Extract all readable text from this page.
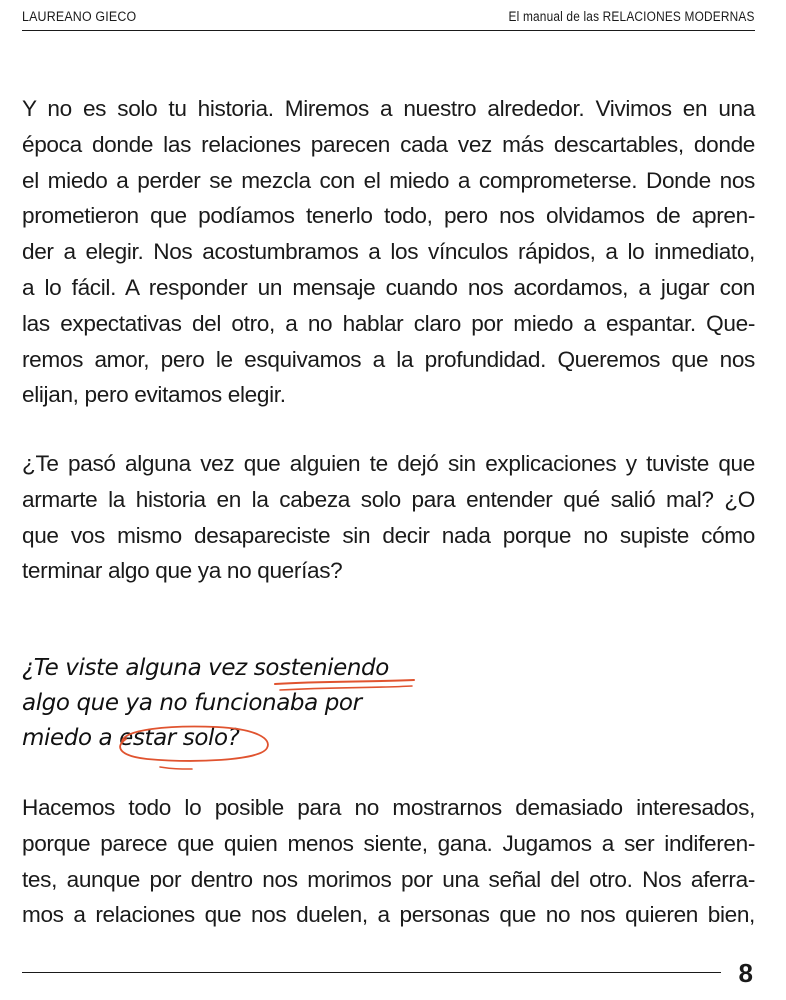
LAUREANO GIECO	El manual de las RELACIONES MODERNAS
Y no es solo tu historia. Miremos a nuestro alrededor. Vivimos en una
época donde las relaciones parecen cada vez más descartables, donde
el miedo a perder se mezcla con el miedo a comprometerse. Donde nos
prometieron que podíamos tenerlo todo, pero nos olvidamos de apren-
der a elegir. Nos acostumbramos a los vínculos rápidos, a lo inmediato,
a lo fácil. A responder un mensaje cuando nos acordamos, a jugar con
las expectativas del otro, a no hablar claro por miedo a espantar. Que-
remos amor, pero le esquivamos a la profundidad. Queremos que nos
elijan, pero evitamos elegir.
¿Te pasó alguna vez que alguien te dejó sin explicaciones y tuviste que
armarte la historia en la cabeza solo para entender qué salió mal? ¿O
que vos mismo desapareciste sin decir nada porque no supiste cómo
terminar algo que ya no querías?
¿Te viste alguna vez sosteniendo
algo que ya no funcionaba por
miedo a estar solo?
Hacemos todo lo posible para no mostrarnos demasiado interesados,
porque parece que quien menos siente, gana. Jugamos a ser indiferen-
tes, aunque por dentro nos morimos por una señal del otro. Nos aferra-
mos a relaciones que nos duelen, a personas que no nos quieren bien,
8
